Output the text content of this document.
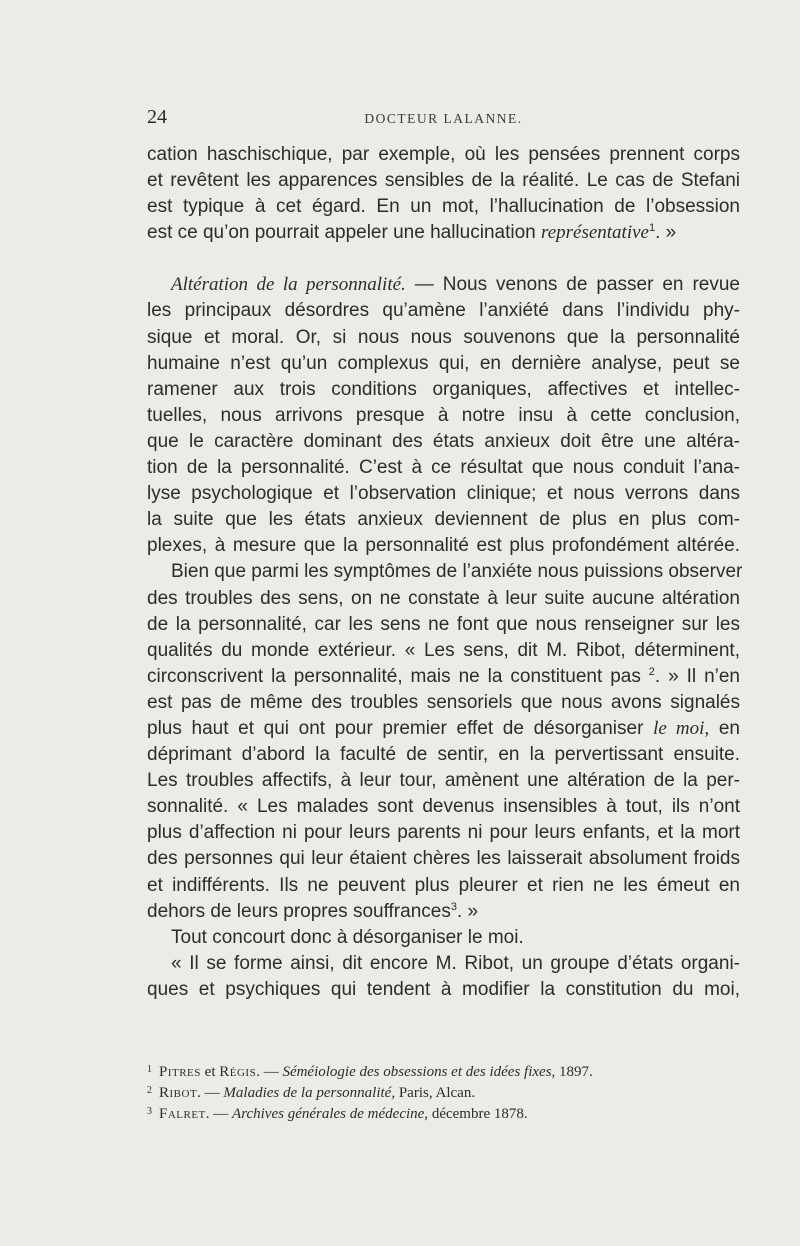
24	DOCTEUR LALANNE.
cation haschischique, par exemple, où les pensées prennent corps
et revêtent les apparences sensibles de la réalité. Le cas de Stefani
est typique à cet égard. En un mot, l’hallucination de l’obsession
est ce qu’on pourrait appeler une hallucination représentative$^1$. »
Altération de la personnalité. — Nous venons de passer en revue
les principaux désordres qu’amène l’anxiété dans l’individu phy-
sique et moral. Or, si nous nous souvenons que la personnalité
humaine n’est qu’un complexus qui, en dernière analyse, peut se
ramener aux trois conditions organiques, affectives et intellec-
tuelles, nous arrivons presque à notre insu à cette conclusion,
que le caractère dominant des états anxieux doit être une altéra-
tion de la personnalité. C’est à ce résultat que nous conduit l’ana-
lyse psychologique et l’observation clinique; et nous verrons dans
la suite que les états anxieux deviennent de plus en plus com-
plexes, à mesure que la personnalité est plus profondément altérée.
Bien que parmi les symptômes de l’anxiéte nous puissions observer
des troubles des sens, on ne constate à leur suite aucune altération
de la personnalité, car les sens ne font que nous renseigner sur les
qualités du monde extérieur. « Les sens, dit M. Ribot, déterminent,
circonscrivent la personnalité, mais ne la constituent pas $^2$. » Il n’en
est pas de même des troubles sensoriels que nous avons signalés
plus haut et qui ont pour premier effet de désorganiser le moi, en
déprimant d’abord la faculté de sentir, en la pervertissant ensuite.
Les troubles affectifs, à leur tour, amènent une altération de la per-
sonnalité. « Les malades sont devenus insensibles à tout, ils n’ont
plus d’affection ni pour leurs parents ni pour leurs enfants, et la mort
des personnes qui leur étaient chères les laisserait absolument froids
et indifférents. Ils ne peuvent plus pleurer et rien ne les émeut en
dehors de leurs propres souffrances$^3$. »
Tout concourt donc à désorganiser le moi.
« Il se forme ainsi, dit encore M. Ribot, un groupe d’états organi-
ques et psychiques qui tendent à modifier la constitution du moi,
1 Pitres et Régis. — Séméiologie des obsessions et des idées fixes, 1897.
2 Ribot. — Maladies de la personnalité, Paris, Alcan.
3 Falret. — Archives générales de médecine, décembre 1878.
